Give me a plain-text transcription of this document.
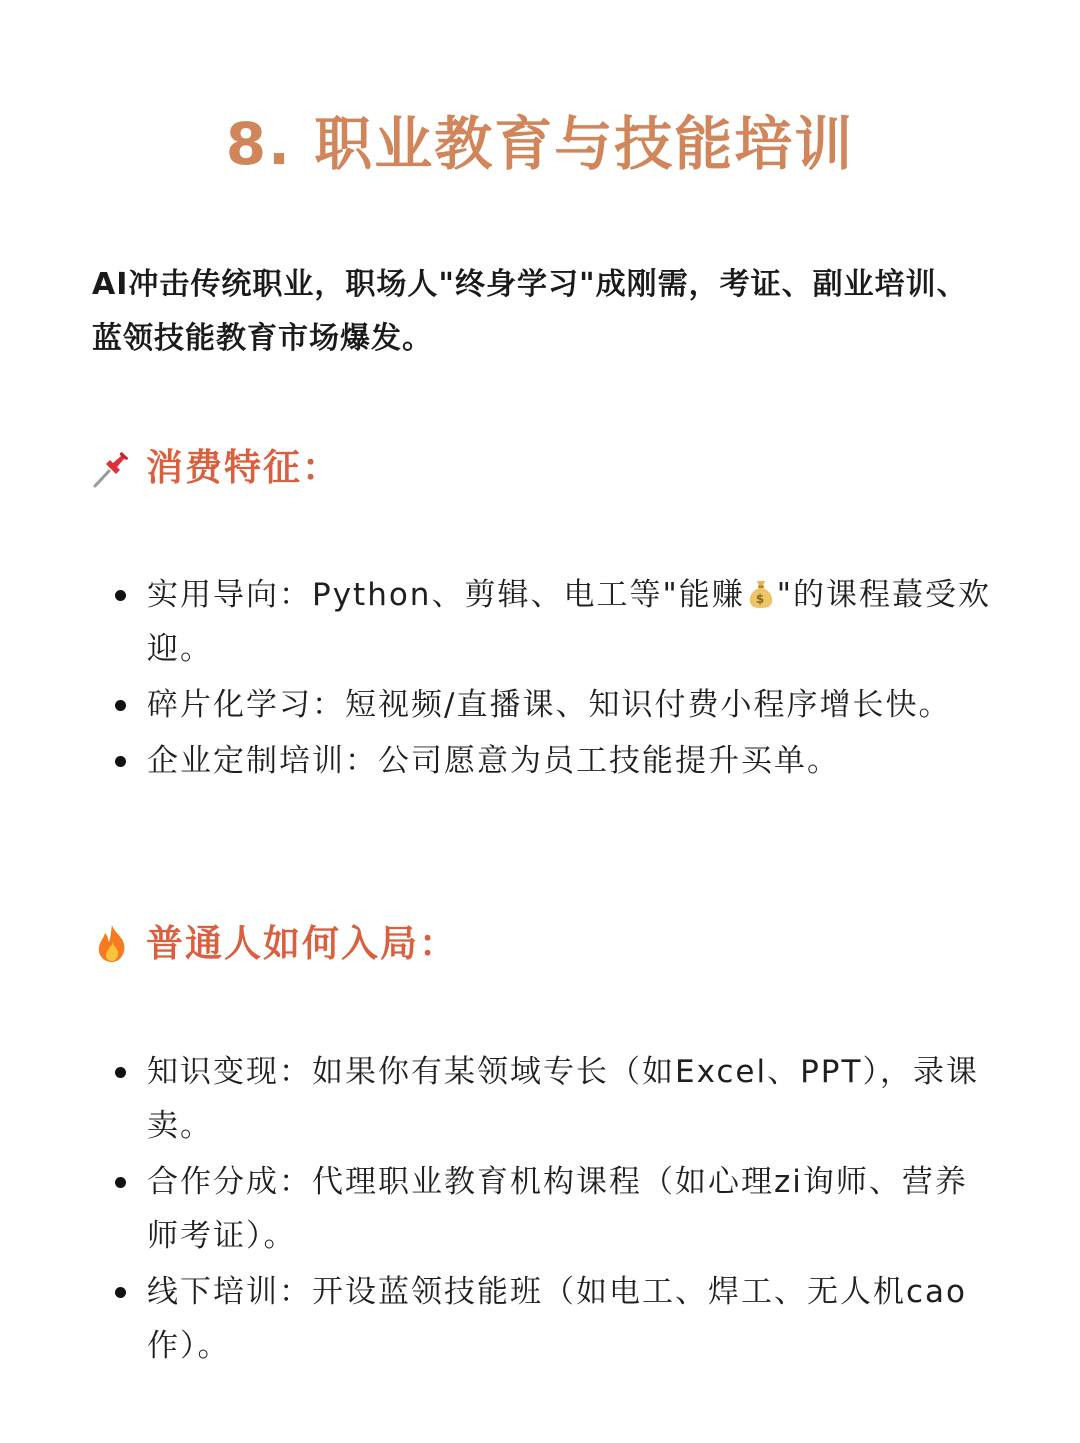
8. 职业教育与技能培训
AI冲击传统职业，职场人"终身学习"成刚需，考证、副业培训、蓝领技能教育市场爆发。
消费特征：
实用导向：Python、剪辑、电工等"能赚 $ "的课程蕞受欢迎。
碎片化学习：短视频/直播课、知识付费小程序增长快。
企业定制培训：公司愿意为员工技能提升买单。
普通人如何入局：
知识变现：如果你有某领域专长（如Excel、PPT），录课卖。
合作分成：代理职业教育机构课程（如心理zi询师、营养师考证）。
线下培训：开设蓝领技能班（如电工、焊工、无人机cao作）。
